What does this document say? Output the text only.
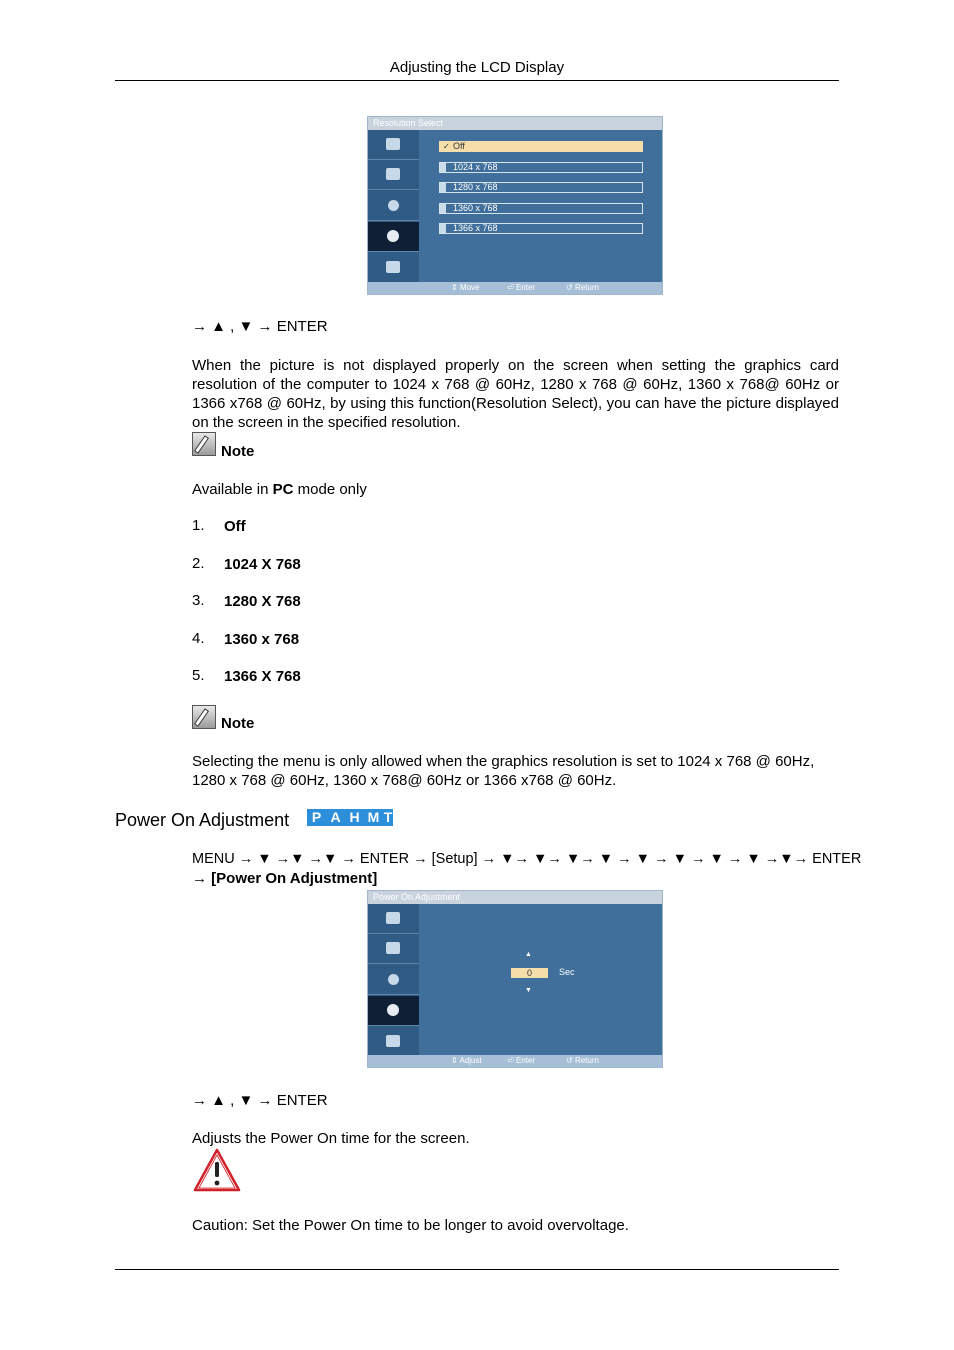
Adjusting the LCD Display
Resolution Select
✓ Off
1024 x 768
1280 x 768
1360 x 768
1366 x 768
⇕ Move	⏎ Enter	↺ Return
→ ▲ , ▼ → ENTER
When the picture is not displayed properly on the screen when setting the graphics card resolution of the computer to 1024 x 768 @ 60Hz, 1280 x 768 @ 60Hz, 1360 x 768@ 60Hz or 1366 x768 @ 60Hz, by using this function(Resolution Select), you can have the picture displayed on the screen in the specified resolution.
Note
Available in PC mode only
1. Off
2. 1024 X 768
3. 1280 X 768
4. 1360 x 768
5. 1366 X 768
Note
Selecting the menu is only allowed when the graphics resolution is set to 1024 x 768 @ 60Hz, 1280 x 768 @ 60Hz, 1360 x 768@ 60Hz or 1366 x768 @ 60Hz.
Power On Adjustment	P A H M T
MENU → ▼ →▼ →▼ → ENTER → [Setup] → ▼→ ▼→ ▼→ ▼ → ▼ → ▼ → ▼ → ▼ →▼→ ENTER
→ [Power On Adjustment]
Power On Adjustment
▲
0	Sec
▼
⇕ Adjust	⏎ Enter	↺ Return
→ ▲ , ▼ → ENTER
Adjusts the Power On time for the screen.
Caution: Set the Power On time to be longer to avoid overvoltage.
